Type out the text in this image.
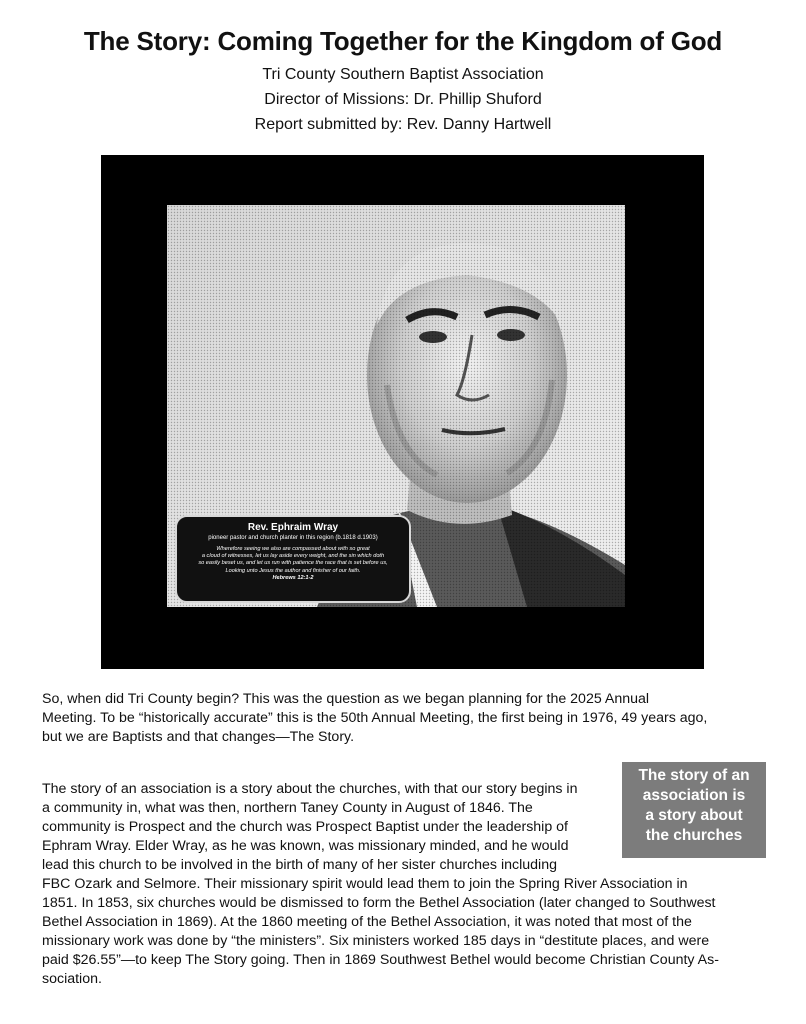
The Story: Coming Together for the Kingdom of God
Tri County Southern Baptist Association
Director of Missions: Dr. Phillip Shuford
Report submitted by: Rev. Danny Hartwell
Rev. Ephraim Wray
pioneer pastor and church planter in this region (b.1818 d.1903)
Wherefore seeing we also are compassed about with so great
a cloud of witnesses, let us lay aside every weight, and the sin which doth
so easily beset us, and let us run with patience the race that is set before us,
Looking unto Jesus the author and finisher of our faith.
Hebrews 12:1-2
So, when did Tri County begin? This was the question as we began planning for the 2025 Annual
Meeting. To be “historically accurate” this is the 50th Annual Meeting, the first being in 1976, 49 years ago,
but we are Baptists and that changes—The Story.
The story of an association is a story about the churches, with that our story begins in
a community in, what was then, northern Taney County in August of 1846. The
community is Prospect and the church was Prospect Baptist under the leadership of
Ephram Wray. Elder Wray, as he was known, was missionary minded, and he would
lead this church to be involved in the birth of many of her sister churches including
FBC Ozark and Selmore. Their missionary spirit would lead them to join the Spring River Association in
1851. In 1853, six churches would be dismissed to form the Bethel Association (later changed to Southwest
Bethel Association in 1869). At the 1860 meeting of the Bethel Association, it was noted that most of the
missionary work was done by “the ministers”. Six ministers worked 185 days in “destitute places, and were
paid $26.55”—to keep The Story going. Then in 1869 Southwest Bethel would become Christian County As-
sociation.
The story of an
association is
a story about
the churches
